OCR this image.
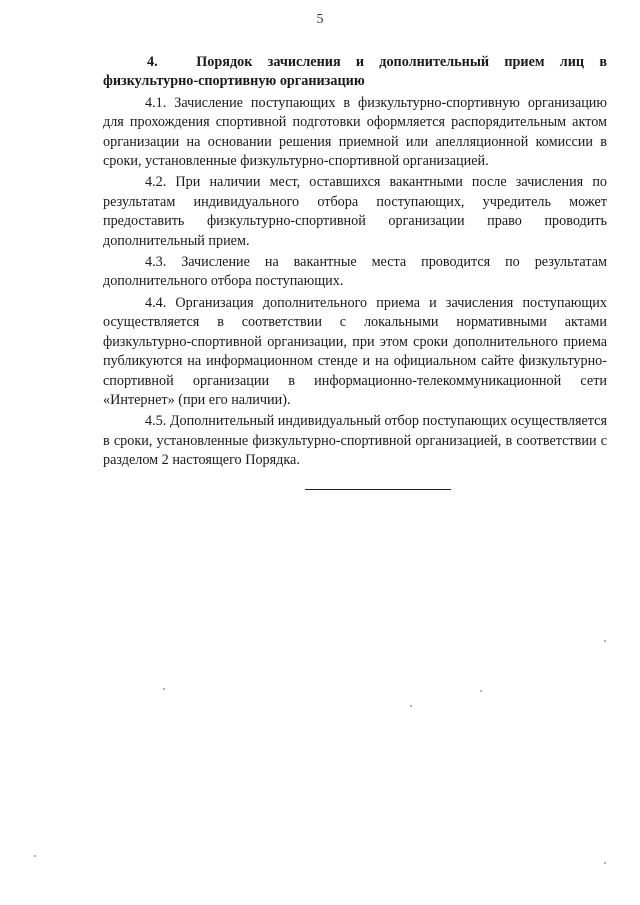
5

4.	Порядок зачисления и дополнительный прием лиц в физкультурно-спортивную организацию

4.1. Зачисление поступающих в физкультурно-спортивную организацию для прохождения спортивной подготовки оформляется распорядительным актом организации на основании решения приемной или апелляционной комиссии в сроки, установленные физкультурно-спортивной организацией.

4.2. При наличии мест, оставшихся вакантными после зачисления по результатам индивидуального отбора поступающих, учредитель может предоставить физкультурно-спортивной организации право проводить дополнительный прием.

4.3. Зачисление на вакантные места проводится по результатам дополнительного отбора поступающих.

4.4. Организация дополнительного приема и зачисления поступающих осуществляется в соответствии с локальными нормативными актами физкультурно-спортивной организации, при этом сроки дополнительного приема публикуются на информационном стенде и на официальном сайте физкультурно-спортивной организации в информационно-телекоммуникационной сети «Интернет» (при его наличии).

4.5. Дополнительный индивидуальный отбор поступающих осуществляется в сроки, установленные физкультурно-спортивной организацией, в соответствии с разделом 2 настоящего Порядка.
